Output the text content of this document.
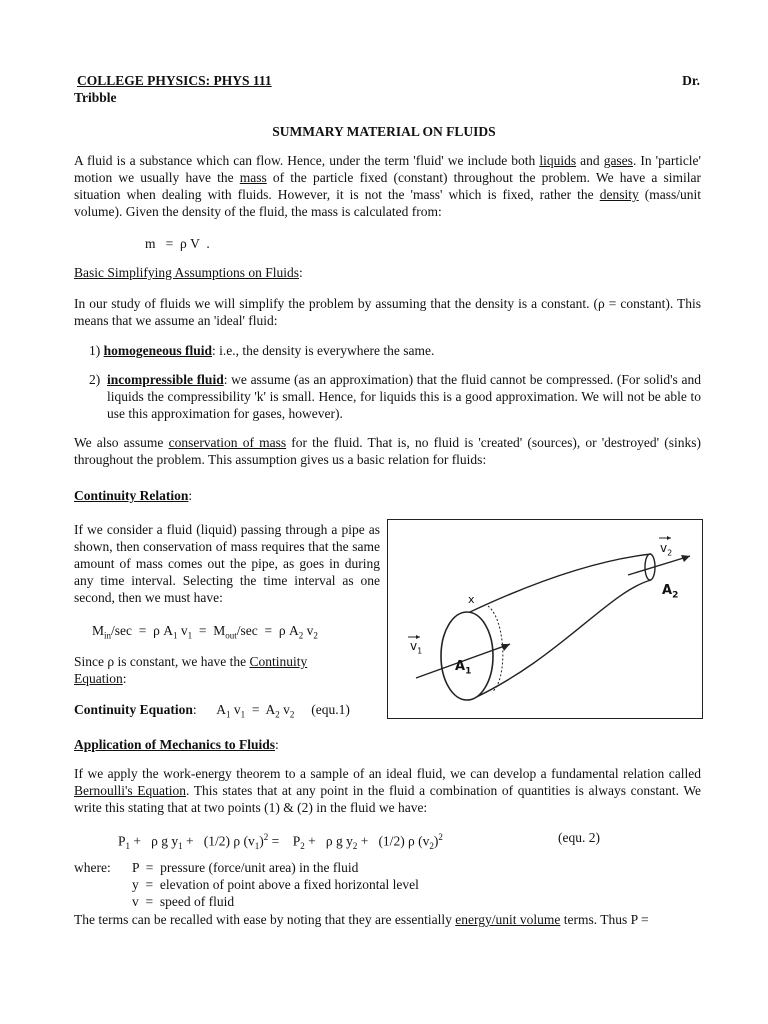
COLLEGE PHYSICS: PHYS 111	Dr.
Tribble
SUMMARY MATERIAL ON FLUIDS
A fluid is a substance which can flow. Hence, under the term 'fluid' we include both liquids and gases. In 'particle' motion we usually have the mass of the particle fixed (constant) throughout the problem. We have a similar situation when dealing with fluids. However, it is not the 'mass' which is fixed, rather the density (mass/unit volume). Given the density of the fluid, the mass is calculated from:
m   =  ρ V  .
Basic Simplifying Assumptions on Fluids:
In our study of fluids we will simplify the problem by assuming that the density is a constant. (ρ = constant). This means that we assume an 'ideal' fluid:
1) homogeneous fluid: i.e., the density is everywhere the same.
2) incompressible fluid: we assume (as an approximation) that the fluid cannot be compressed. (For solid's and liquids the compressibility 'k' is small. Hence, for liquids this is a good approximation. We will not be able to use this approximation for gases, however).
We also assume conservation of mass for the fluid. That is, no fluid is 'created' (sources), or 'destroyed' (sinks) throughout the problem. This assumption gives us a basic relation for fluids:
Continuity Relation:
If we consider a fluid (liquid) passing through a pipe as shown, then conservation of mass requires that the same amount of mass comes out the pipe, as goes in during any time interval. Selecting the time interval as one second, then we must have:
$M_{in}/\sec = \rho$ $A_1$ $v_1 = M_{out}/\sec = \rho$ $A_2$ $v_2$
Since ρ is constant, we have the Continuity Equation:
Continuity Equation: $A_1$ $v_1 = A_2$ $v_2$ (equ.1)
x
$v_1$
$A_1$
$v_2$
$A_2$
Application of Mechanics to Fluids:
If we apply the work-energy theorem to a sample of an ideal fluid, we can develop a fundamental relation called Bernoulli's Equation. This states that at any point in the fluid a combination of quantities is always constant. We write this stating that at two points (1) & (2) in the fluid we have:
$P_1 + \rho$ g $y_1 + (1/2)$ ρ $(v_1)^2$ =    $P_2 + \rho$ g $y_2 + (1/2)$ ρ $(v_2)^2$	(equ. 2)
where: P  =  pressure (force/unit area) in the fluid
y  =  elevation of point above a fixed horizontal level
v  =  speed of fluid
The terms can be recalled with ease by noting that they are essentially energy/unit volume terms. Thus P =
